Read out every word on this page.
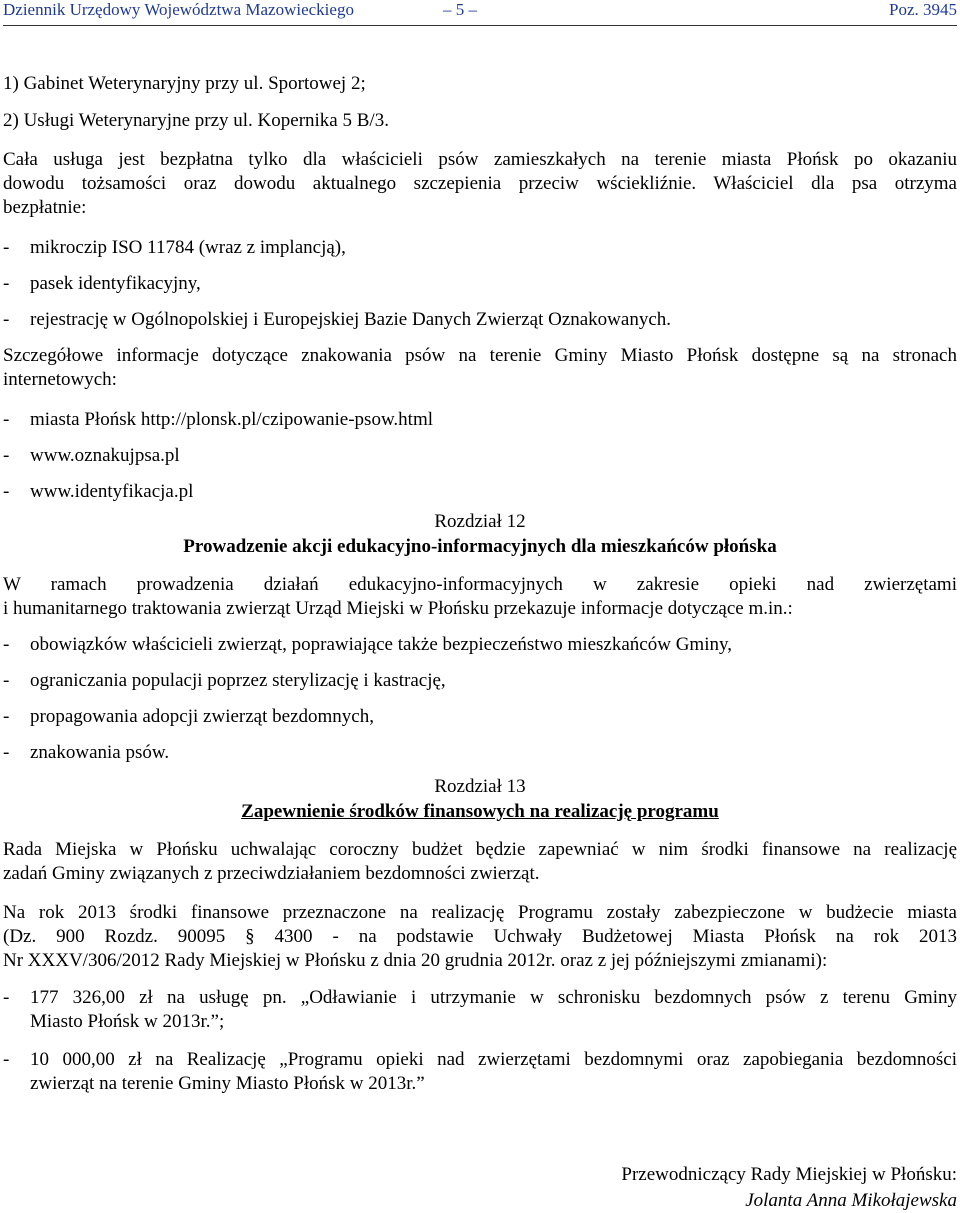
Dziennik Urzędowy Województwa Mazowieckiego	– 5 –	Poz. 3945
1) Gabinet Weterynaryjny przy ul. Sportowej 2;
2) Usługi Weterynaryjne przy ul. Kopernika 5 B/3.
Cała usługa jest bezpłatna tylko dla właścicieli psów zamieszkałych na terenie miasta Płońsk po okazaniu
dowodu tożsamości oraz dowodu aktualnego szczepienia przeciw wściekliźnie. Właściciel dla psa otrzyma
bezpłatnie:
- mikroczip ISO 11784 (wraz z implancją),
- pasek identyfikacyjny,
- rejestrację w Ogólnopolskiej i Europejskiej Bazie Danych Zwierząt Oznakowanych.
Szczegółowe informacje dotyczące znakowania psów na terenie Gminy Miasto Płońsk dostępne są na stronach
internetowych:
- miasta Płońsk http://plonsk.pl/czipowanie-psow.html
- www.oznakujpsa.pl
- www.identyfikacja.pl
Rozdział 12
Prowadzenie akcji edukacyjno-informacyjnych dla mieszkańców płońska
W ramach prowadzenia działań edukacyjno-informacyjnych w zakresie opieki nad zwierzętami
i humanitarnego traktowania zwierząt Urząd Miejski w Płońsku przekazuje informacje dotyczące m.in.:
- obowiązków właścicieli zwierząt, poprawiające także bezpieczeństwo mieszkańców Gminy,
- ograniczania populacji poprzez sterylizację i kastrację,
- propagowania adopcji zwierząt bezdomnych,
- znakowania psów.
Rozdział 13
Zapewnienie środków finansowych na realizację programu
Rada Miejska w Płońsku uchwalając coroczny budżet będzie zapewniać w nim środki finansowe na realizację
zadań Gminy związanych z przeciwdziałaniem bezdomności zwierząt.
Na rok 2013 środki finansowe przeznaczone na realizację Programu zostały zabezpieczone w budżecie miasta
(Dz. 900 Rozdz. 90095 § 4300 - na podstawie Uchwały Budżetowej Miasta Płońsk na rok 2013
Nr XXXV/306/2012 Rady Miejskiej w Płońsku z dnia 20 grudnia 2012r. oraz z jej późniejszymi zmianami):
- 177 326,00 zł na usługę pn. „Odławianie i utrzymanie w schronisku bezdomnych psów z terenu Gminy
Miasto Płońsk w 2013r.”;
- 10 000,00 zł na Realizację „Programu opieki nad zwierzętami bezdomnymi oraz zapobiegania bezdomności
zwierząt na terenie Gminy Miasto Płońsk w 2013r.”
Przewodniczący Rady Miejskiej w Płońsku:
Jolanta Anna Mikołajewska
